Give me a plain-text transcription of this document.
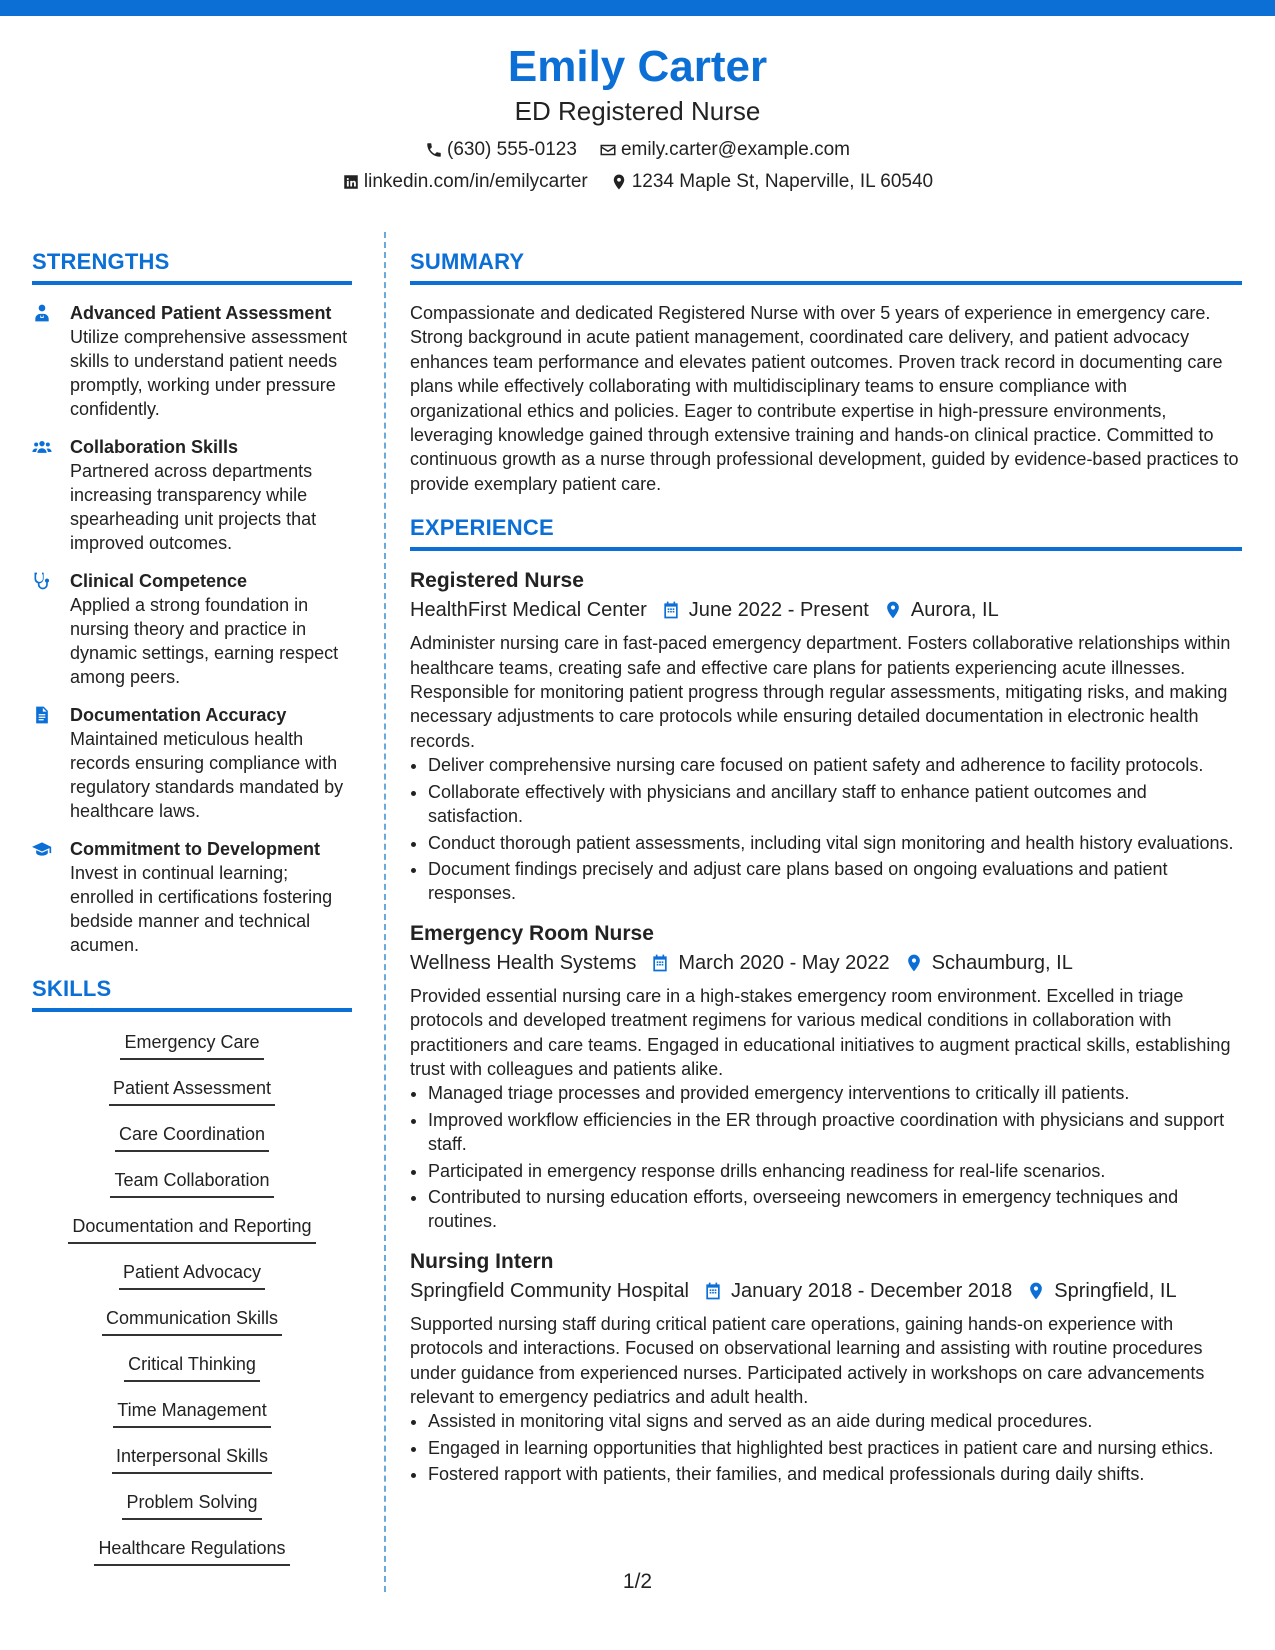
Emily Carter
ED Registered Nurse
(630) 555-0123 emily.carter@example.com
linkedin.com/in/emilycarter 1234 Maple St, Naperville, IL 60540
STRENGTHS
Advanced Patient Assessment
Utilize comprehensive assessment skills to understand patient needs promptly, working under pressure confidently.
Collaboration Skills
Partnered across departments increasing transparency while spearheading unit projects that improved outcomes.
Clinical Competence
Applied a strong foundation in nursing theory and practice in dynamic settings, earning respect among peers.
Documentation Accuracy
Maintained meticulous health records ensuring compliance with regulatory standards mandated by healthcare laws.
Commitment to Development
Invest in continual learning; enrolled in certifications fostering bedside manner and technical acumen.
SKILLS
Emergency Care
Patient Assessment
Care Coordination
Team Collaboration
Documentation and Reporting
Patient Advocacy
Communication Skills
Critical Thinking
Time Management
Interpersonal Skills
Problem Solving
Healthcare Regulations
SUMMARY

Compassionate and dedicated Registered Nurse with over 5 years of experience in emergency care. Strong background in acute patient management, coordinated care delivery, and patient advocacy enhances team performance and elevates patient outcomes. Proven track record in documenting care plans while effectively collaborating with multidisciplinary teams to ensure compliance with organizational ethics and policies. Eager to contribute expertise in high-pressure environments, leveraging knowledge gained through extensive training and hands-on clinical practice. Committed to continuous growth as a nurse through professional development, guided by evidence-based practices to provide exemplary patient care.

EXPERIENCE
Registered Nurse
HealthFirst Medical Center June 2022 - Present Aurora, IL

Administer nursing care in fast-paced emergency department. Fosters collaborative relationships within healthcare teams, creating safe and effective care plans for patients experiencing acute illnesses. Responsible for monitoring patient progress through regular assessments, mitigating risks, and making necessary adjustments to care protocols while ensuring detailed documentation in electronic health records.

• Deliver comprehensive nursing care focused on patient safety and adherence to facility protocols.
• Collaborate effectively with physicians and ancillary staff to enhance patient outcomes and satisfaction.
• Conduct thorough patient assessments, including vital sign monitoring and health history evaluations.
• Document findings precisely and adjust care plans based on ongoing evaluations and patient responses.
Emergency Room Nurse
Wellness Health Systems March 2020 - May 2022 Schaumburg, IL

Provided essential nursing care in a high-stakes emergency room environment. Excelled in triage protocols and developed treatment regimens for various medical conditions in collaboration with practitioners and care teams. Engaged in educational initiatives to augment practical skills, establishing trust with colleagues and patients alike.

• Managed triage processes and provided emergency interventions to critically ill patients.
• Improved workflow efficiencies in the ER through proactive coordination with physicians and support staff.
• Participated in emergency response drills enhancing readiness for real-life scenarios.
• Contributed to nursing education efforts, overseeing newcomers in emergency techniques and routines.
Nursing Intern
Springfield Community Hospital January 2018 - December 2018 Springfield, IL

Supported nursing staff during critical patient care operations, gaining hands-on experience with protocols and interactions. Focused on observational learning and assisting with routine procedures under guidance from experienced nurses. Participated actively in workshops on care advancements relevant to emergency pediatrics and adult health.

• Assisted in monitoring vital signs and served as an aide during medical procedures.
• Engaged in learning opportunities that highlighted best practices in patient care and nursing ethics.
• Fostered rapport with patients, their families, and medical professionals during daily shifts.
1/2
